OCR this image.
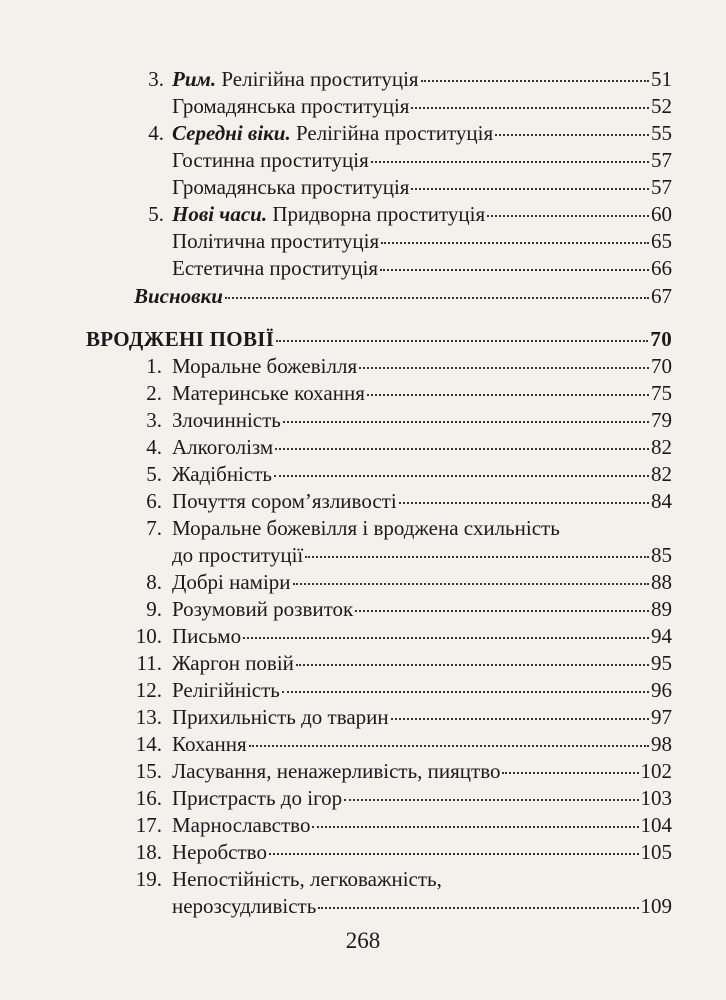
3. Рим. Релігійна проституція	51
Громадянська проституція	52
4. Середні віки. Релігійна проституція	55
Гостинна проституція	57
Громадянська проституція	57
5. Нові часи. Придворна проституція	60
Політична проституція	65
Естетична проституція	66
Висновки	67
ВРОДЖЕНІ ПОВІЇ	70
1. Моральне божевілля	70
2. Материнське кохання	75
3. Злочинність	79
4. Алкоголізм	82
5. Жадібність	82
6. Почуття сором’язливості	84
7. Моральне божевілля і вроджена схильність
до проституції	85
8. Добрі наміри	88
9. Розумовий розвиток	89
10. Письмо	94
11. Жаргон повій	95
12. Релігійність	96
13. Прихильність до тварин	97
14. Кохання	98
15. Ласування, ненажерливість, пияцтво	102
16. Пристрасть до ігор	103
17. Марнославство	104
18. Неробство	105
19. Непостійність, легковажність,
нерозсудливість	109
268
